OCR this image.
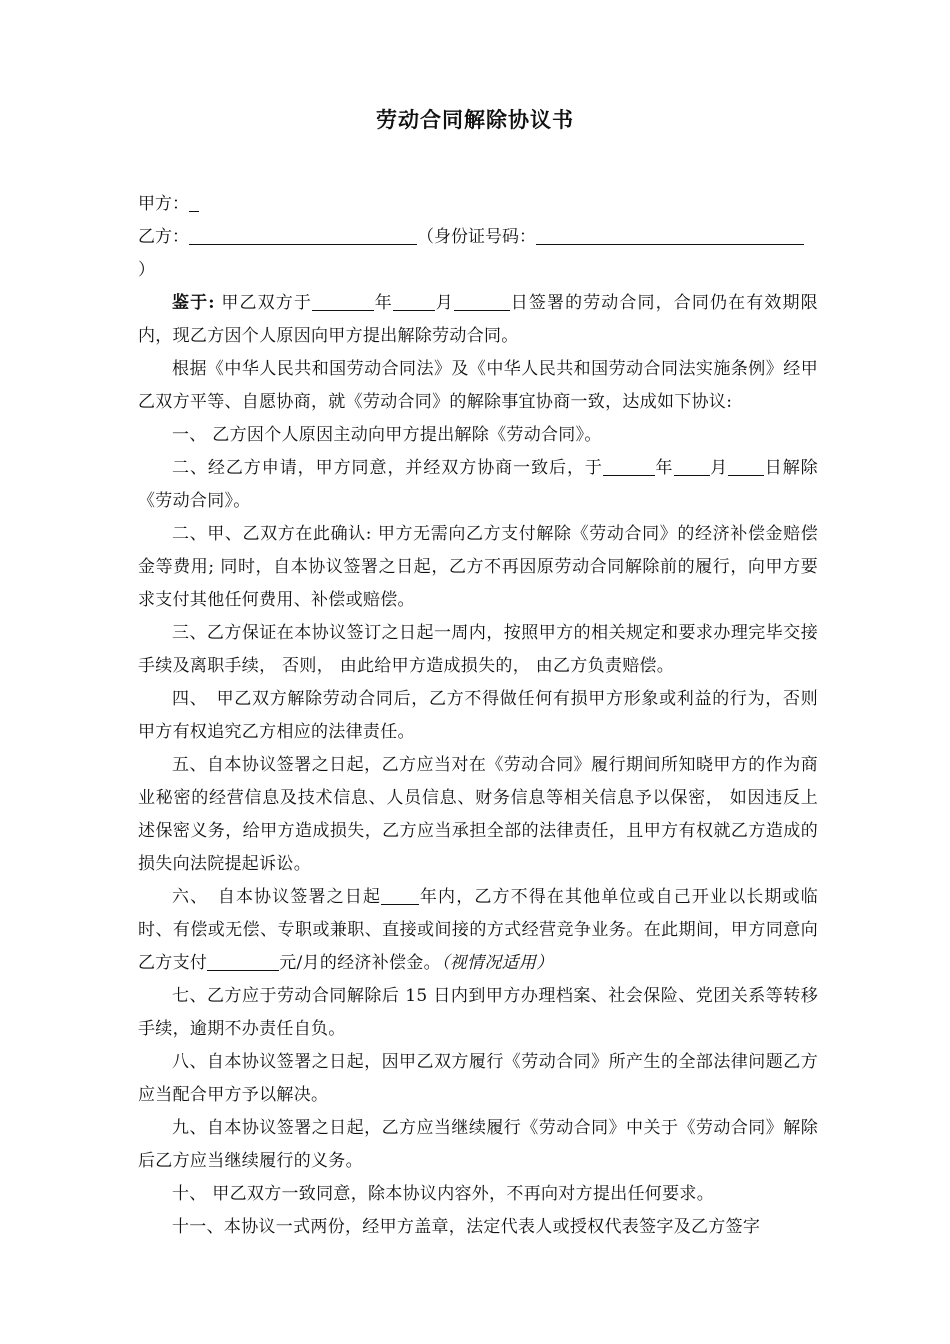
劳动合同解除协议书

甲方：

乙方：	（身份证号码：

）

鉴于: 甲乙双方于	年 月	日签署的劳动合同，合同仍在有效期限内，现乙方因个人原因向甲方提出解除劳动合同。

根据《中华人民共和国劳动合同法》及《中华人民共和国劳动合同法实施条例》经甲乙双方平等、自愿协商，就《劳动合同》的解除事宜协商一致，达成如下协议:

一、 乙方因个人原因主动向甲方提出解除《劳动合同》。

二、经乙方申请，甲方同意，并经双方协商一致后，于	年 月 日解除《劳动合同》。

二、甲、乙双方在此确认: 甲方无需向乙方支付解除《劳动合同》的经济补偿金赔偿金等费用; 同时，自本协议签署之日起，乙方不再因原劳动合同解除前的履行，向甲方要求支付其他任何费用、补偿或赔偿。

三、乙方保证在本协议签订之日起一周内，按照甲方的相关规定和要求办理完毕交接手续及离职手续， 否则， 由此给甲方造成损失的， 由乙方负责赔偿。

四、　甲乙双方解除劳动合同后，乙方不得做任何有损甲方形象或利益的行为，否则甲方有权追究乙方相应的法律责任。

五、自本协议签署之日起，乙方应当对在《劳动合同》履行期间所知晓甲方的作为商业秘密的经营信息及技术信息、人员信息、财务信息等相关信息予以保密， 如因违反上述保密义务，给甲方造成损失，乙方应当承担全部的法律责任，且甲方有权就乙方造成的损失向法院提起诉讼。

六、　自本协议签署之日起 年内，乙方不得在其他单位或自己开业以长期或临时、有偿或无偿、专职或兼职、直接或间接的方式经营竞争业务。在此期间，甲方同意向乙方支付	元/月的经济补偿金。（视情况适用）

七、乙方应于劳动合同解除后 15 日内到甲方办理档案、社会保险、党团关系等转移手续，逾期不办责任自负。

八、自本协议签署之日起，因甲乙双方履行《劳动合同》所产生的全部法律问题乙方应当配合甲方予以解决。

九、自本协议签署之日起，乙方应当继续履行《劳动合同》中关于《劳动合同》解除后乙方应当继续履行的义务。

十、 甲乙双方一致同意，除本协议内容外，不再向对方提出任何要求。

十一、本协议一式两份，经甲方盖章，法定代表人或授权代表签字及乙方签字
